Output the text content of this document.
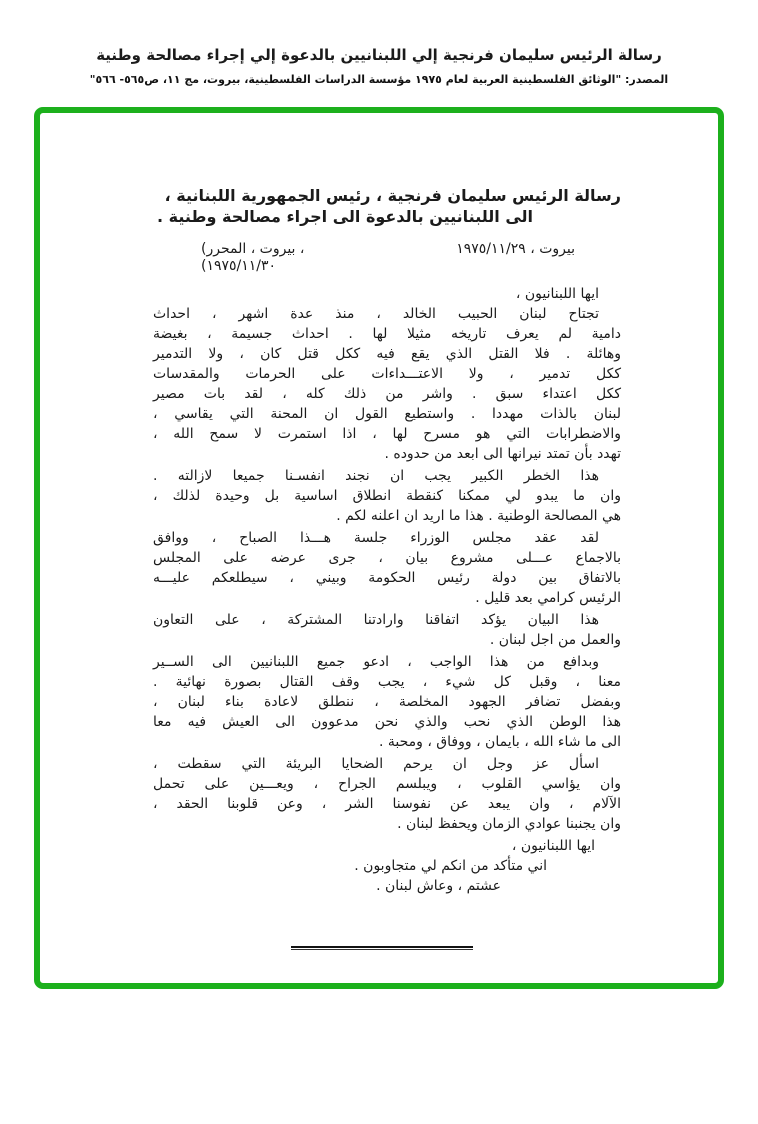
رسالة الرئيس سليمان فرنجية إلي اللبنانيين بالدعوة إلي إجراء مصالحة وطنية
المصدر: "الوثائق الفلسطينية العربية لعام ١٩٧٥ مؤسسة الدراسات الفلسطينية، بيروت، مج ١١، ص٥٦٥- ٥٦٦"
رسالة الرئيس سليمان فرنجية ، رئيس الجمهورية اللبنانية ،
الى اللبنانيين بالدعوة الى اجراء مصالحة وطنية .
بيروت ، ١٩٧٥/١١/٢٩
(المحرر‎ ، بيروت‎ ،
(١٩٧٥/١١/٣٠
ايها اللبنانيون ،
تجتاح لبنان الحبيب الخالد ، منذ عدة اشهر ، احداث
دامية لم يعرف تاريخه مثيلا لها . احداث جسيمة ، بغيضة
وهائلة . فلا القتل الذي يقع فيه ككل قتل كان ، ولا التدمير
ككل تدمير ، ولا الاعتـــداءات على الحرمات والمقدسات
ككل اعتداء سبق . واشر من ذلك كله ، لقد بات مصير
لبنان بالذات مهددا . واستطيع القول ان المحنة التي يقاسي ،
والاضطرابات التي هو مسرح لها ، اذا استمرت لا سمح الله ،
تهدد بأن تمتد نيرانها الى ابعد من حدوده .
هذا الخطر الكبير يجب ان نجند انفسـنا جميعا لازالته .
وان ما يبدو لي ممكنا كنقطة انطلاق اساسية بل وحيدة لذلك ،
هي المصالحة الوطنية . هذا ما اريد ان اعلنه لكم .
لقد عقد مجلس الوزراء جلسة هـــذا الصباح ، ووافق
بالاجماع عـــلى مشروع بيان ، جرى عرضه على المجلس
بالاتفاق بين دولة رئيس الحكومة وبيني ، سيطلعكم عليـــه
الرئيس كرامي بعد قليل .
هذا البيان يؤكد اتفاقنا وارادتنا المشتركة ، على التعاون
والعمل من اجل لبنان .
وبدافع من هذا الواجب ، ادعو جميع اللبنانيين الى الســير
معنا ، وقبل كل شيء ، يجب وقف القتال بصورة نهائية .
وبفضل تضافر الجهود المخلصة ، ننطلق لاعادة بناء لبنان ،
هذا الوطن الذي نحب والذي نحن مدعوون الى العيش فيه معا
الى ما شاء الله ، بايمان ، ووفاق ، ومحبة .
اسأل عز وجل ان يرحم الضحايا البريئة التي سقطت ،
وان يؤاسي القلوب ، ويبلسم الجراح ، ويعـــين على تحمل
الآلام ، وان يبعد عن نفوسنا الشر ، وعن قلوبنا الحقد ،
وان يجنبنا عوادي الزمان ويحفظ لبنان .
ايها اللبنانيون ،
اني متأكد من انكم لي متجاوبون .
عشتم ، وعاش لبنان .
